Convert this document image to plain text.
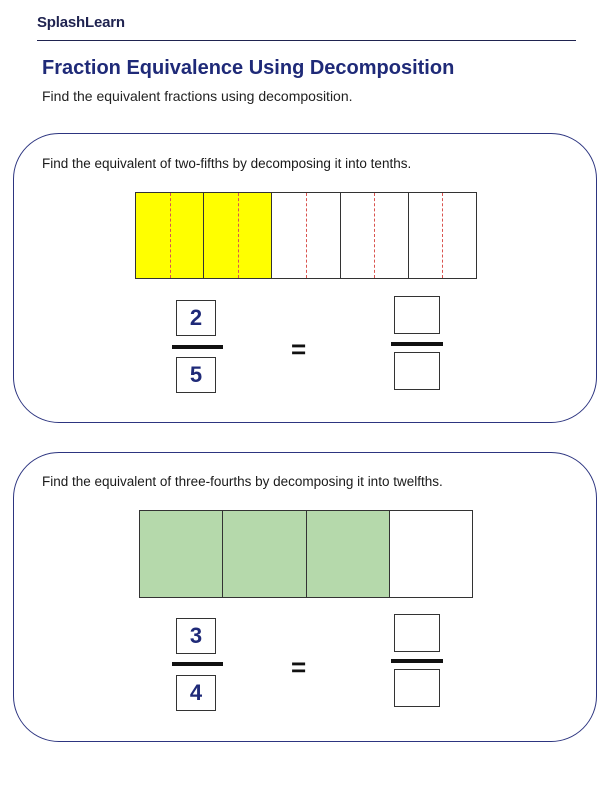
SplashLearn
Fraction Equivalence Using Decomposition
Find the equivalent fractions using decomposition.
Find the equivalent of two-fifths by decomposing it into tenths.
2
5
=
Find the equivalent of three-fourths by decomposing it into twelfths.
3
4
=
